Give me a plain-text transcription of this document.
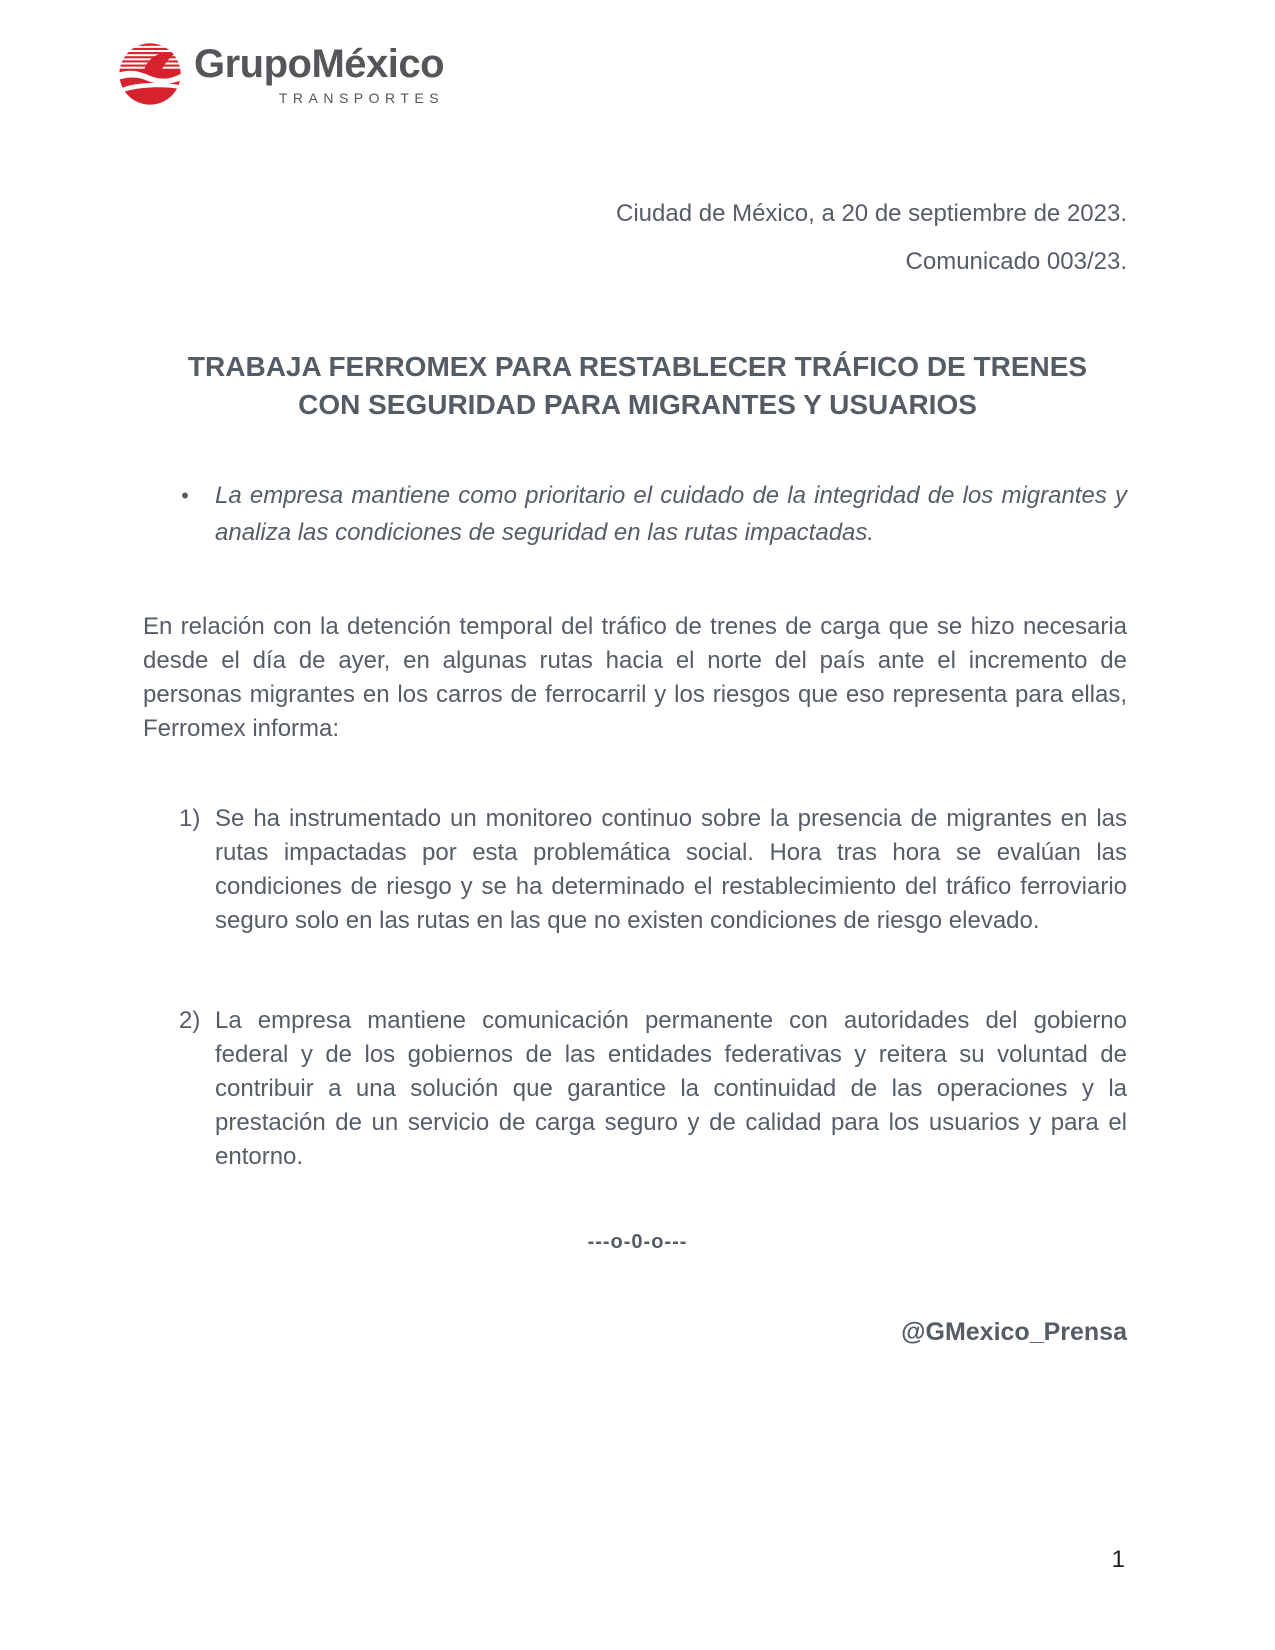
GrupoMéxico
TRANSPORTES
Ciudad de México, a 20 de septiembre de 2023.
Comunicado 003/23.
TRABAJA FERROMEX PARA RESTABLECER TRÁFICO DE TRENES
CON SEGURIDAD PARA MIGRANTES Y USUARIOS
•	La empresa mantiene como prioritario el cuidado de la integridad de los migrantes y analiza las condiciones de seguridad en las rutas impactadas.

En relación con la detención temporal del tráfico de trenes de carga que se hizo necesaria desde el día de ayer, en algunas rutas hacia el norte del país ante el incremento de personas migrantes en los carros de ferrocarril y los riesgos que eso representa para ellas, Ferromex informa:

1) Se ha instrumentado un monitoreo continuo sobre la presencia de migrantes en las rutas impactadas por esta problemática social. Hora tras hora se evalúan las condiciones de riesgo y se ha determinado el restablecimiento del tráfico ferroviario seguro solo en las rutas en las que no existen condiciones de riesgo elevado.
2) La empresa mantiene comunicación permanente con autoridades del gobierno federal y de los gobiernos de las entidades federativas y reitera su voluntad de contribuir a una solución que garantice la continuidad de las operaciones y la prestación de un servicio de carga seguro y de calidad para los usuarios y para el entorno.
---o-0-o---
@GMexico_Prensa
1
